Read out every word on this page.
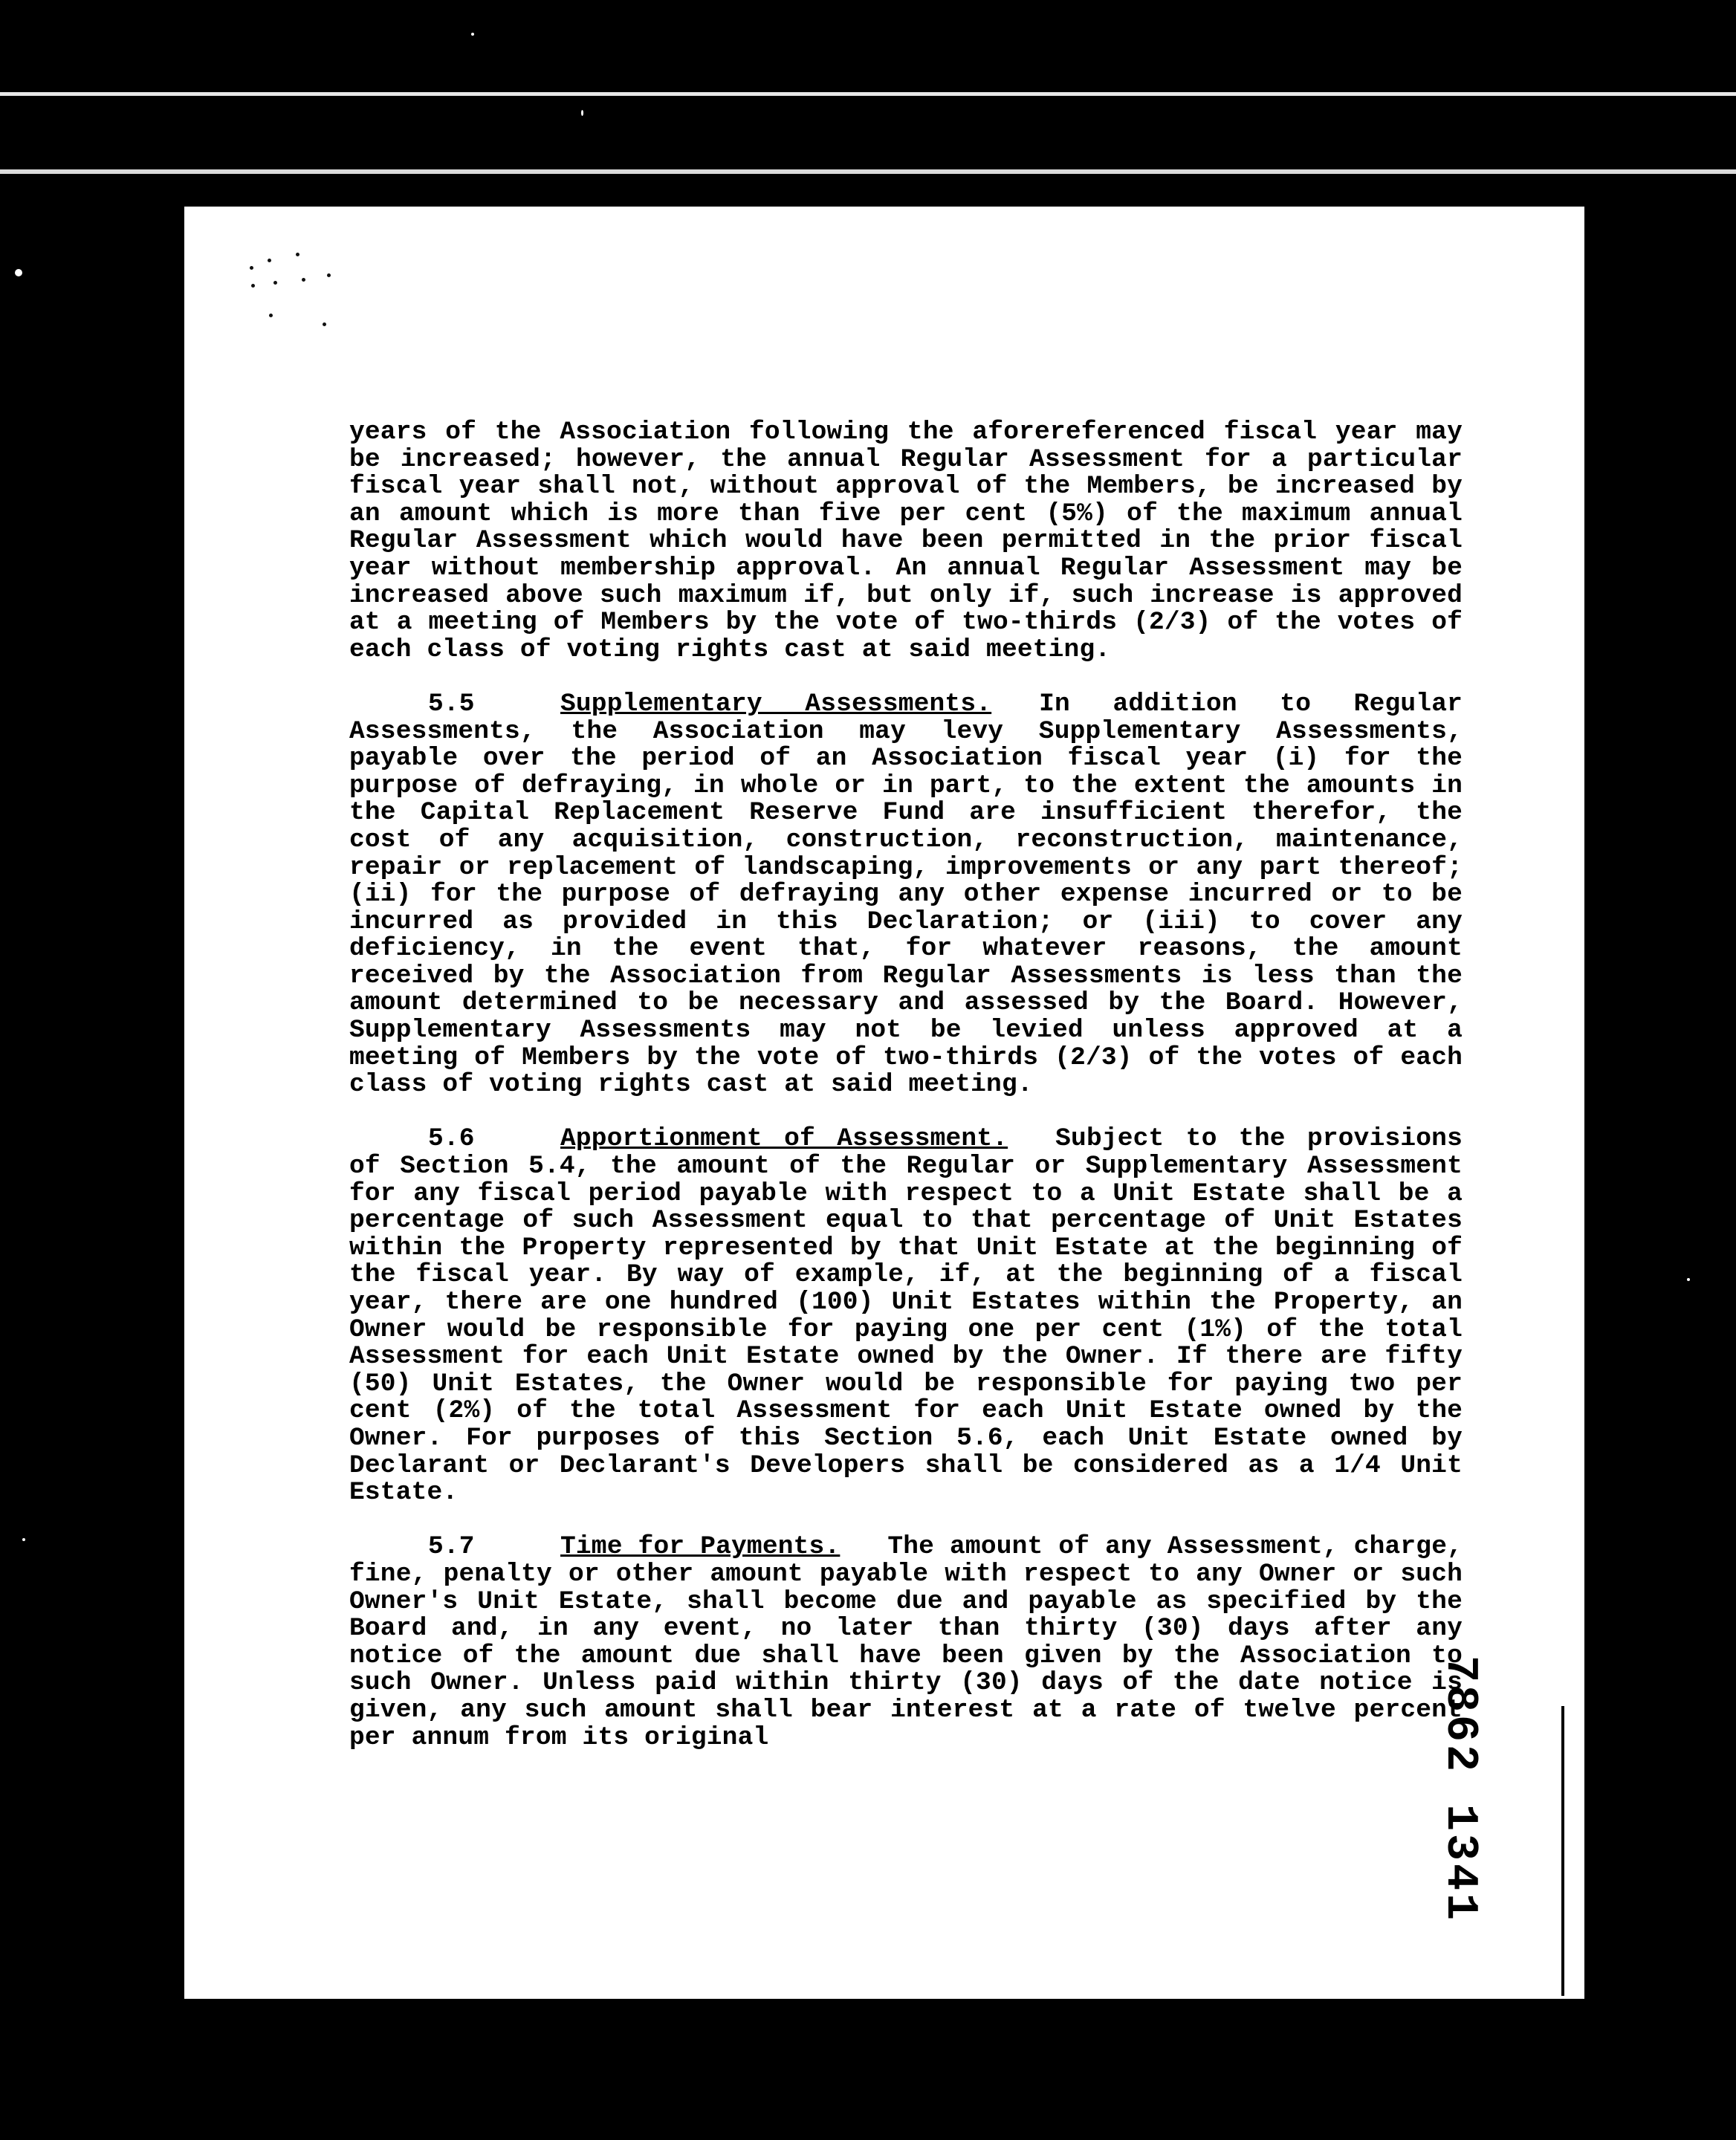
years of the Association following the aforereferenced fiscal year may be increased; however, the annual Regular Assessment for a particular fiscal year shall not, without approval of the Members, be increased by an amount which is more than five per cent (5%) of the maximum annual Regular Assessment which would have been permitted in the prior fiscal year without membership approval. An annual Regular Assessment may be increased above such maximum if, but only if, such increase is approved at a meeting of Members by the vote of two-thirds (2/3) of the votes of each class of voting rights cast at said meeting.

5.5	Supplementary Assessments. In addition to Regular Assessments, the Association may levy Supplementary Assessments, payable over the period of an Association fiscal year (i) for the purpose of defraying, in whole or in part, to the extent the amounts in the Capital Replacement Reserve Fund are insufficient therefor, the cost of any acquisition, construction, reconstruction, maintenance, repair or replacement of landscaping, improvements or any part thereof; (ii) for the purpose of defraying any other expense incurred or to be incurred as provided in this Declaration; or (iii) to cover any deficiency, in the event that, for whatever reasons, the amount received by the Association from Regular Assessments is less than the amount determined to be necessary and assessed by the Board. However, Supplementary Assessments may not be levied unless approved at a meeting of Members by the vote of two-thirds (2/3) of the votes of each class of voting rights cast at said meeting.

5.6	Apportionment of Assessment. Subject to the provisions of Section 5.4, the amount of the Regular or Supplementary Assessment for any fiscal period payable with respect to a Unit Estate shall be a percentage of such Assessment equal to that percentage of Unit Estates within the Property represented by that Unit Estate at the beginning of the fiscal year. By way of example, if, at the beginning of a fiscal year, there are one hundred (100) Unit Estates within the Property, an Owner would be responsible for paying one per cent (1%) of the total Assessment for each Unit Estate owned by the Owner. If there are fifty (50) Unit Estates, the Owner would be responsible for paying two per cent (2%) of the total Assessment for each Unit Estate owned by the Owner. For purposes of this Section 5.6, each Unit Estate owned by Declarant or Declarant's Developers shall be considered as a 1/4 Unit Estate.

5.7	Time for Payments. The amount of any Assessment, charge, fine, penalty or other amount payable with respect to any Owner or such Owner's Unit Estate, shall become due and payable as specified by the Board and, in any event, no later than thirty (30) days after any notice of the amount due shall have been given by the Association to such Owner. Unless paid within thirty (30) days of the date notice is given, any such amount shall bear interest at a rate of twelve percent per annum from its original

17	027-03-022886
7862 1341
